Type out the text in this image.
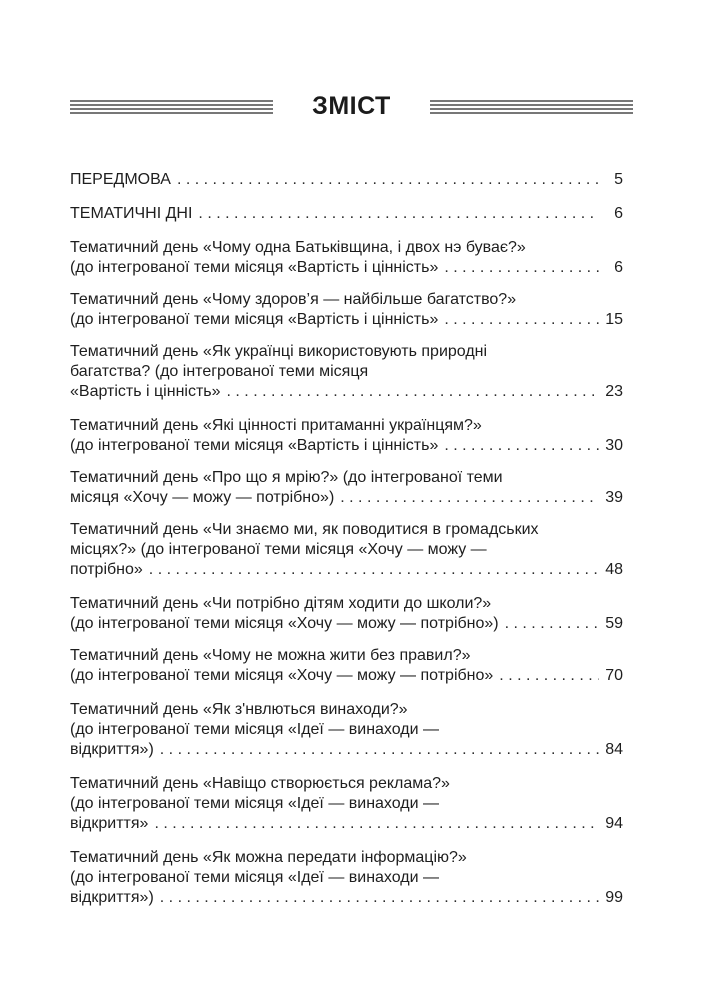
ЗМІСТ
ПЕРЕДМОВА . . .	5
ТЕМАТИЧНІ ДНІ . . .	6
Тематичний день «Чому одна Батьківщина, і двох нэ буває?»
(до інтегрованої теми місяця «Вартість і цінність» . . .	6
Тематичний день «Чому здоров’я — найбільше багатство?»
(до інтегрованої теми місяця «Вартість і цінність» . . .	15
Тематичний день «Як українці використовують природні
багатства? (до інтегрованої теми місяця
«Вартість і цінність» . . .	23
Тематичний день «Які цінності притаманні українцям?»
(до інтегрованої теми місяця «Вартість і цінність» . . .	30
Тематичний день «Про що я мрію?» (до інтегрованої теми
місяця «Хочу — можу — потрібно») . . .	39
Тематичний день «Чи знаємо ми, як поводитися в громадських
місцях?» (до інтегрованої теми місяця «Хочу — можу —
потрібно» . . .	48
Тематичний день «Чи потрібно дітям ходити до школи?»
(до інтегрованої теми місяця «Хочу — можу — потрібно») . . .	59
Тематичний день «Чому не можна жити без правил?»
(до інтегрованої теми місяця «Хочу — можу — потрібно» . . .	70
Тематичний день «Як з'нвлються винаходи?»
(до інтегрованої теми місяця «Ідеї — винаходи —
відкриття») . . .	84
Тематичний день «Навіщо створюється реклама?»
(до інтегрованої теми місяця «Ідеї — винаходи —
відкриття» . . .	94
Тематичний день «Як можна передати інформацію?»
(до інтегрованої теми місяця «Ідеї — винаходи —
відкриття») . . .	99
